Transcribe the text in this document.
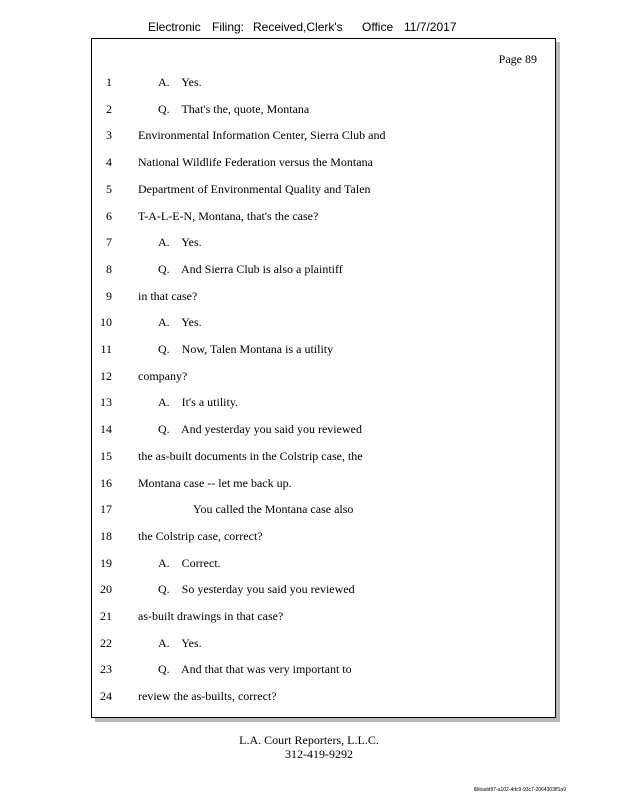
Electronic Filing: Received,Clerk's Office 11/7/2017
Page 89
1	A.    Yes.
2	Q.    That's the, quote, Montana
3 Environmental Information Center, Sierra Club and
4 National Wildlife Federation versus the Montana
5 Department of Environmental Quality and Talen
6 T-A-L-E-N, Montana, that's the case?
7	A.    Yes.
8	Q.    And Sierra Club is also a plaintiff
9 in that case?
10	A.    Yes.
11	Q.    Now, Talen Montana is a utility
12 company?
13	A.    It's a utility.
14	Q.    And yesterday you said you reviewed
15 the as-built documents in the Colstrip case, the
16 Montana case -- let me back up.
17	You called the Montana case also
18 the Colstrip case, correct?
19	A.    Correct.
20	Q.    So yesterday you said you reviewed
21 as-built drawings in that case?
22	A.    Yes.
23	Q.    And that that was very important to
24 review the as-builts, correct?
L.A. Court Reporters, L.L.C.
312-419-9292
8bbadd97-a102-4dc9-93c7-2064303ff1a9
